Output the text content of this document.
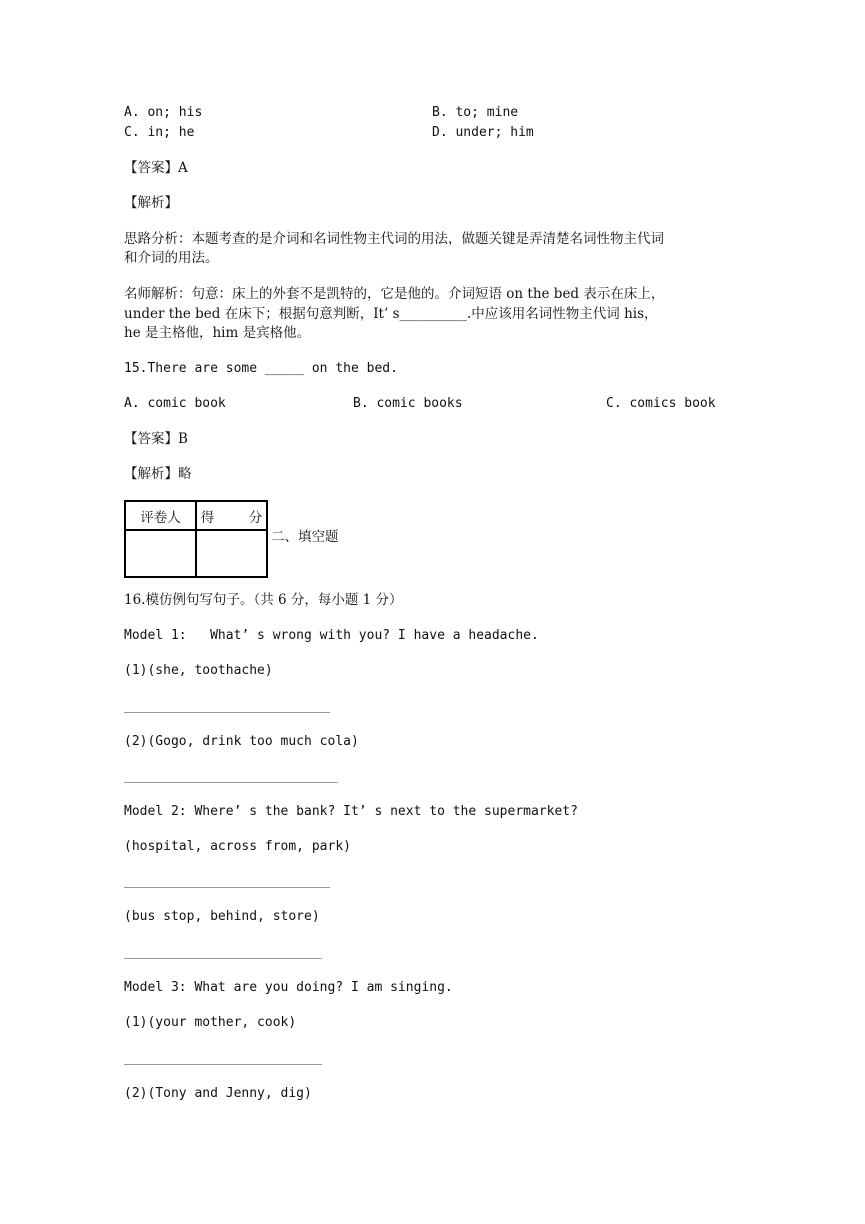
A. on; his	B. to; mine
C. in; he	D. under; him
【答案】A
【解析】
思路分析：本题考查的是介词和名词性物主代词的用法，做题关键是弄清楚名词性物主代词
和介词的用法。
名师解析：句意：床上的外套不是凯特的，它是他的。介词短语 on the bed 表示在床上，
under the bed 在床下；根据句意判断，It’ s__________.中应该用名词性物主代词 his，
he 是主格他，him 是宾格他。
15.There are some _____ on the bed.
A. comic book	B. comic books	C. comics book
【答案】B
【解析】略
评卷人	得 分

二、填空题
16.模仿例句写句子。（共 6 分，每小题 1 分）
Model 1:   What’ s wrong with you? I have a headache.
(1)(she, toothache)
(2)(Gogo, drink too much cola)
Model 2: Where’ s the bank? It’ s next to the supermarket?
(hospital, across from, park)
(bus stop, behind, store)
Model 3: What are you doing? I am singing.
(1)(your mother, cook)
(2)(Tony and Jenny, dig)
